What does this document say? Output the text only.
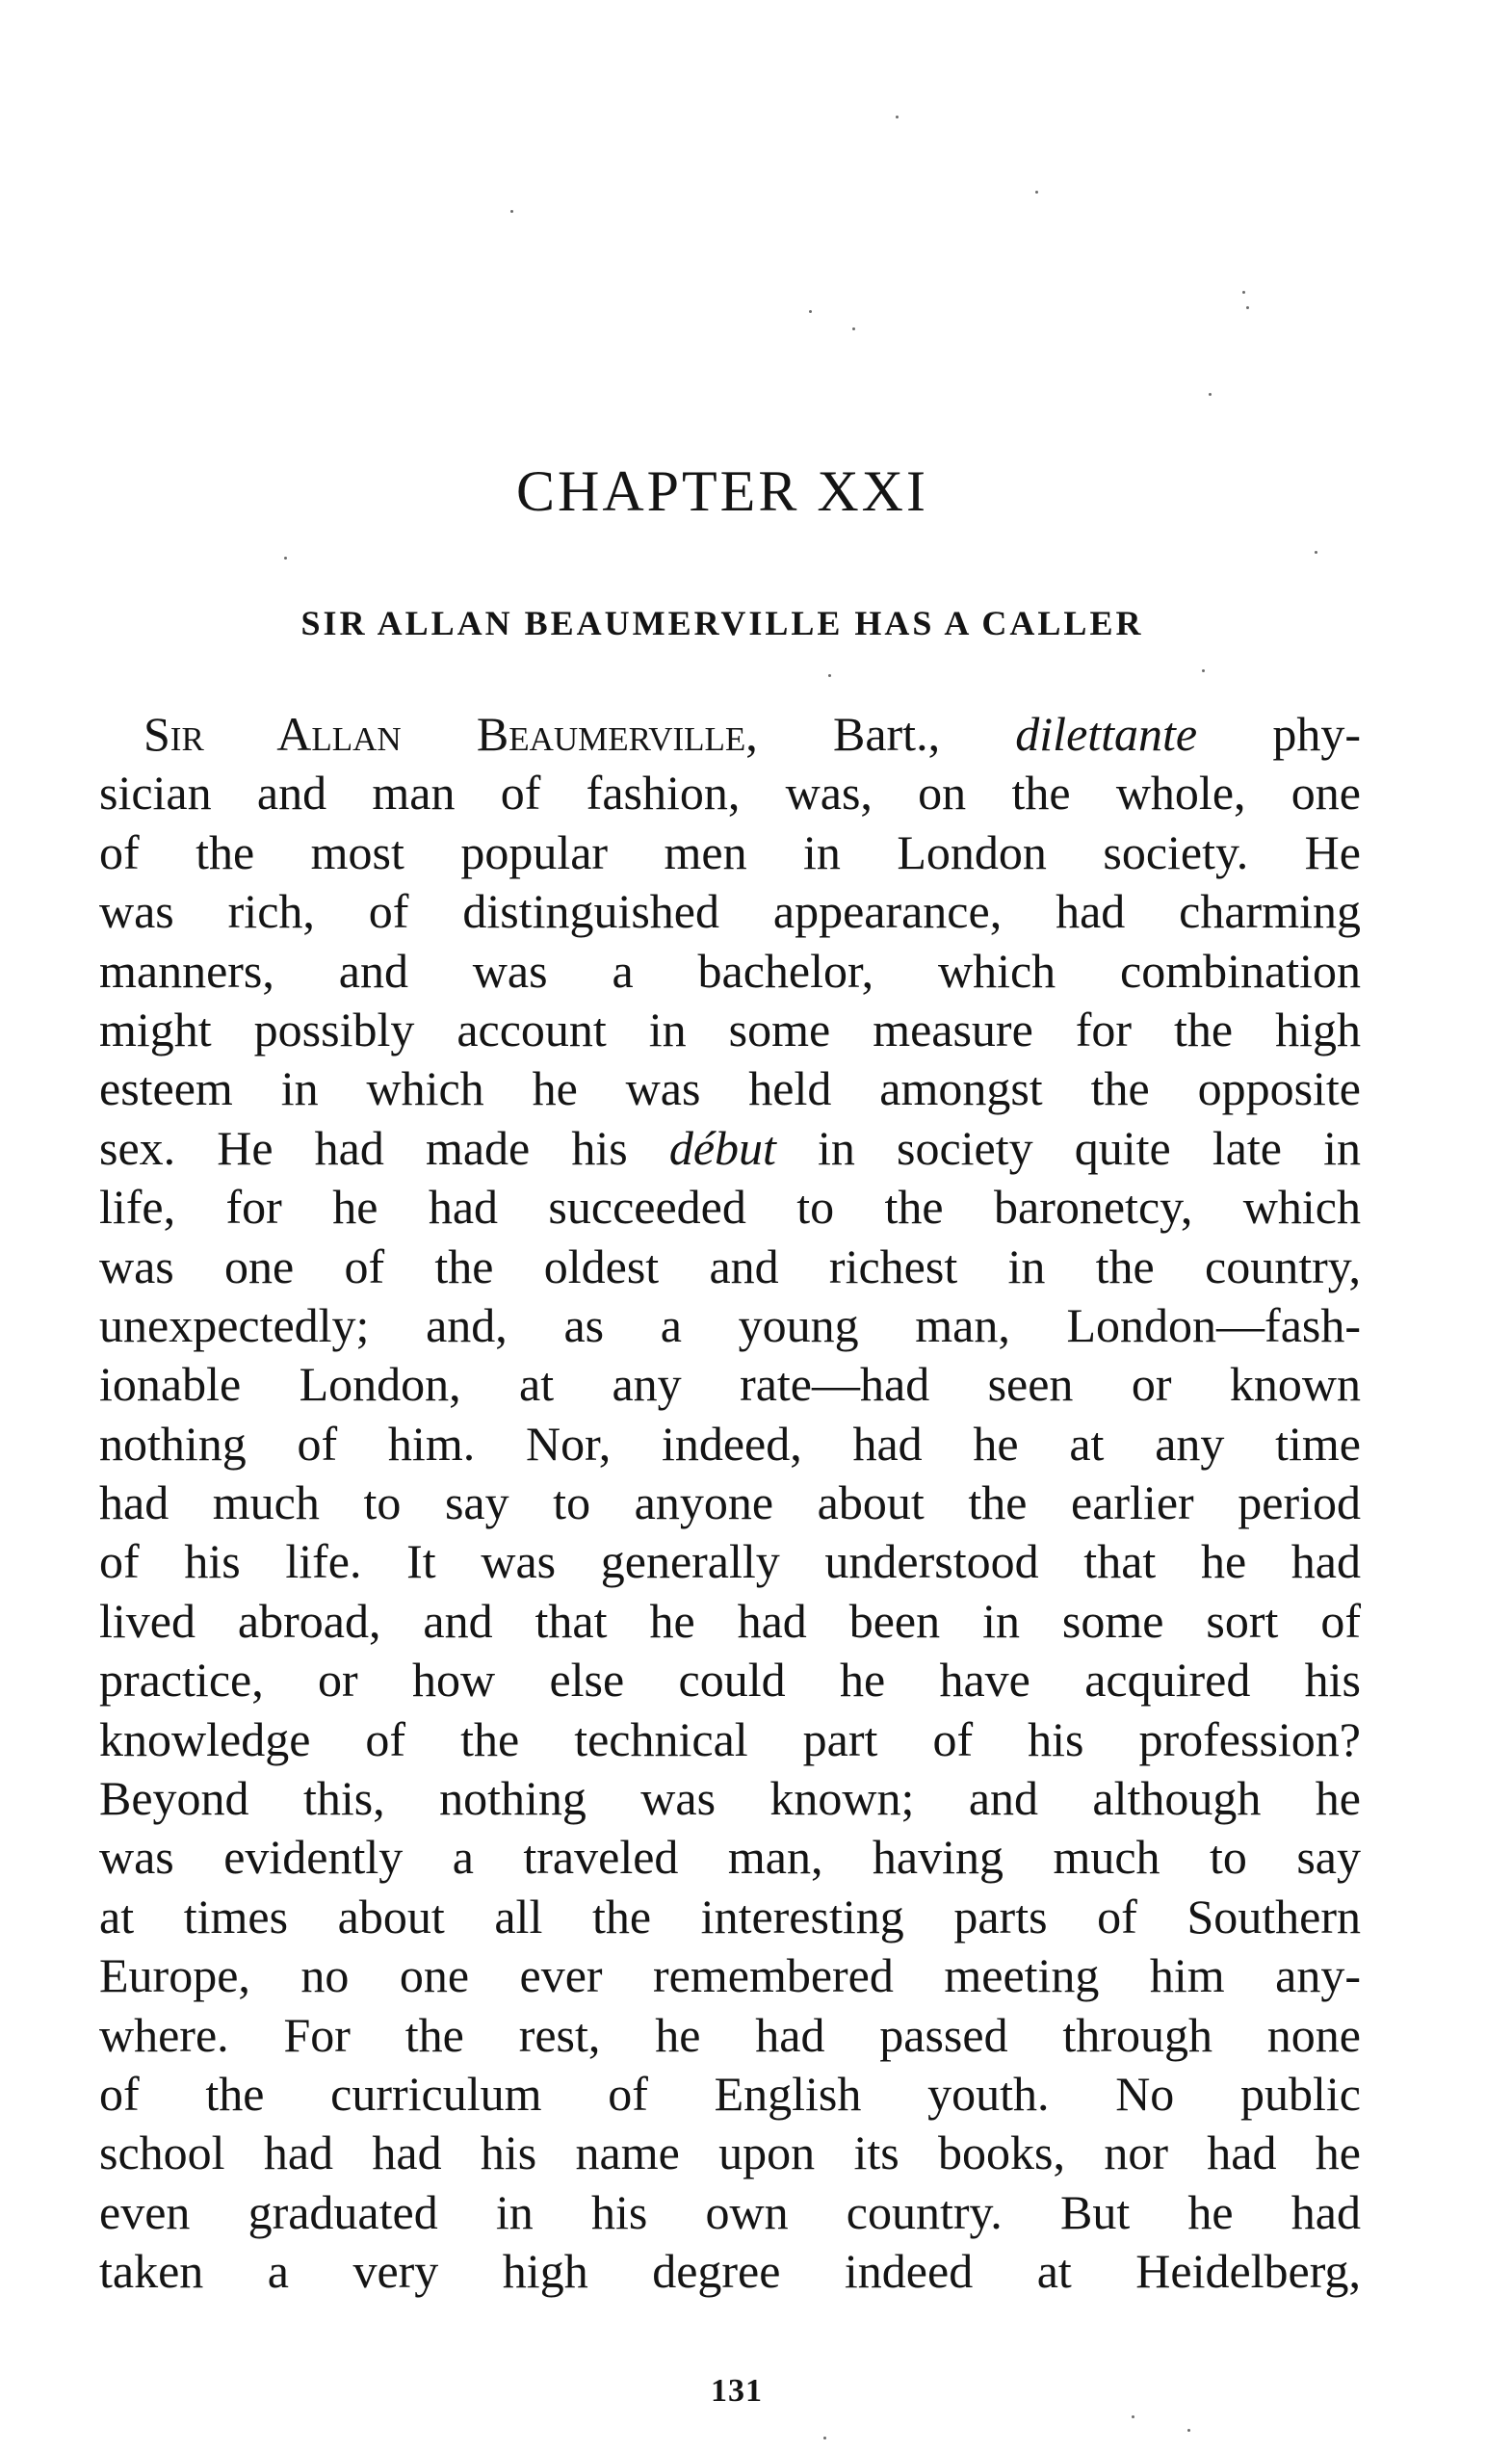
CHAPTER XXI
SIR ALLAN BEAUMERVILLE HAS A CALLER
Sir Allan Beaumerville, Bart., dilettante phy-
sician and man of fashion, was, on the whole, one
of the most popular men in London society. He
was rich, of distinguished appearance, had charming
manners, and was a bachelor, which combination
might possibly account in some measure for the high
esteem in which he was held amongst the opposite
sex. He had made his début in society quite late in
life, for he had succeeded to the baronetcy, which
was one of the oldest and richest in the country,
unexpectedly; and, as a young man, London—fash-
ionable London, at any rate—had seen or known
nothing of him. Nor, indeed, had he at any time
had much to say to anyone about the earlier period
of his life. It was generally understood that he had
lived abroad, and that he had been in some sort of
practice, or how else could he have acquired his
knowledge of the technical part of his profession?
Beyond this, nothing was known; and although he
was evidently a traveled man, having much to say
at times about all the interesting parts of Southern
Europe, no one ever remembered meeting him any-
where. For the rest, he had passed through none
of the curriculum of English youth. No public
school had had his name upon its books, nor had he
even graduated in his own country. But he had
taken a very high degree indeed at Heidelberg,
131
